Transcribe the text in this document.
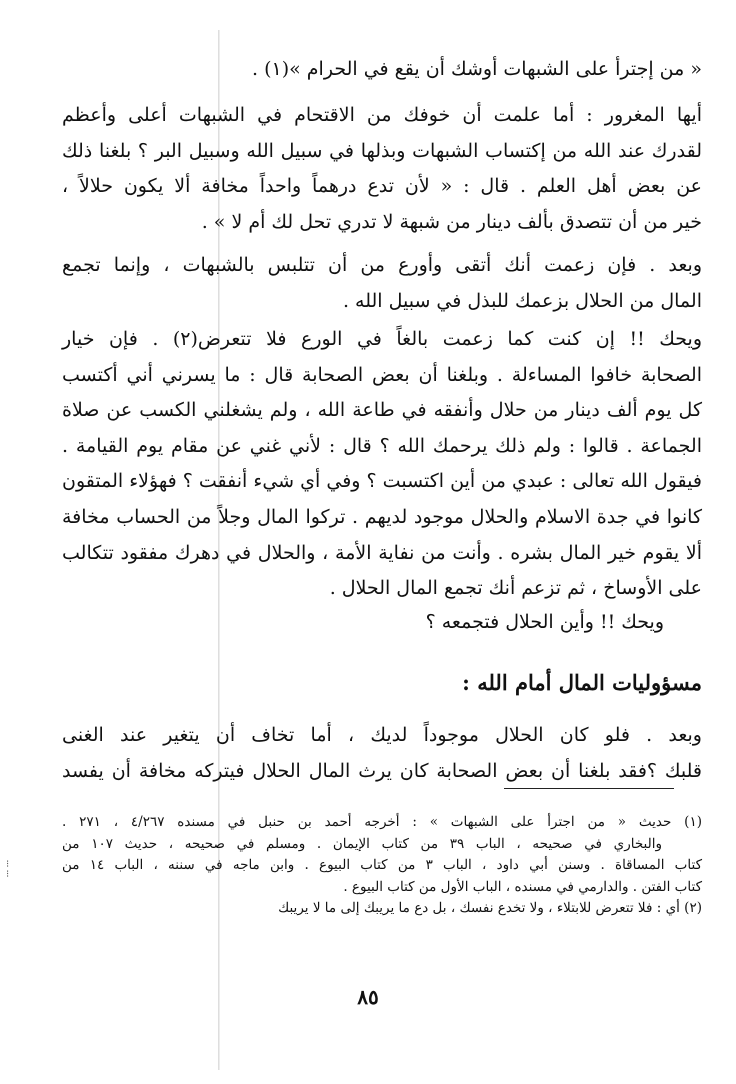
⁝
⁝

« من إجترأ على الشبهات أوشك أن يقع في الحرام »(١) .

أيها المغرور : أما علمت أن خوفك من الاقتحام في الشبهات أعلى وأعظم

لقدرك عند الله من إكتساب الشبهات وبذلها في سبيل الله وسبيل البر ؟ بلغنا ذلك

عن بعض أهل العلم . قال : « لأن تدع درهماً واحداً مخافة ألا يكون حلالاً ،

خير من أن تتصدق بألف دينار من شبهة لا تدري تحل لك أم لا » .

وبعد . فإن زعمت أنك أتقى وأورع من أن تتلبس بالشبهات ، وإنما تجمع

المال من الحلال بزعمك للبذل في سبيل الله .

ويحك !! إن كنت كما زعمت بالغاً في الورع فلا تتعرض(٢) . فإن خيار

الصحابة خافوا المساءلة . وبلغنا أن بعض الصحابة قال : ما يسرني أني أكتسب

كل يوم ألف دينار من حلال وأنفقه في طاعة الله ، ولم يشغلني الكسب عن صلاة

الجماعة . قالوا : ولم ذلك يرحمك الله ؟ قال : لأني غني عن مقام يوم القيامة .

فيقول الله تعالى : عبدي من أين اكتسبت ؟ وفي أي شيء أنفقت ؟ فهؤلاء المتقون

كانوا في جدة الاسلام والحلال موجود لديهم . تركوا المال وجلاً من الحساب مخافة

ألا يقوم خير المال بشره . وأنت من نفاية الأمة ، والحلال في دهرك مفقود تتكالب

على الأوساخ ، ثم تزعم أنك تجمع المال الحلال .

ويحك !! وأين الحلال فتجمعه ؟

مسؤوليات المال أمام الله :

وبعد . فلو كان الحلال موجوداً لديك ، أما تخاف أن يتغير عند الغنى

قلبك ؟فقد بلغنا أن بعض الصحابة كان يرث المال الحلال فيتركه مخافة أن يفسد

(١) حديث « من اجترأ على الشبهات » : أخرجه أحمد بن حنبل في مسنده ٤/٢٦٧ ، ٢٧١ .

والبخاري في صحيحه ، الباب ٣٩ من كتاب الإيمان . ومسلم في صحيحه ، حديث ١٠٧ من

كتاب المساقاة . وسنن أبي داود ، الباب ٣ من كتاب البيوع . وابن ماجه في سننه ، الباب ١٤ من

كتاب الفتن . والدارمي في مسنده ، الباب الأول من كتاب البيوع .

(٢) أي : فلا تتعرض للابتلاء ، ولا تخدع نفسك ، بل دع ما يريبك إلى ما لا يريبك

٨٥
